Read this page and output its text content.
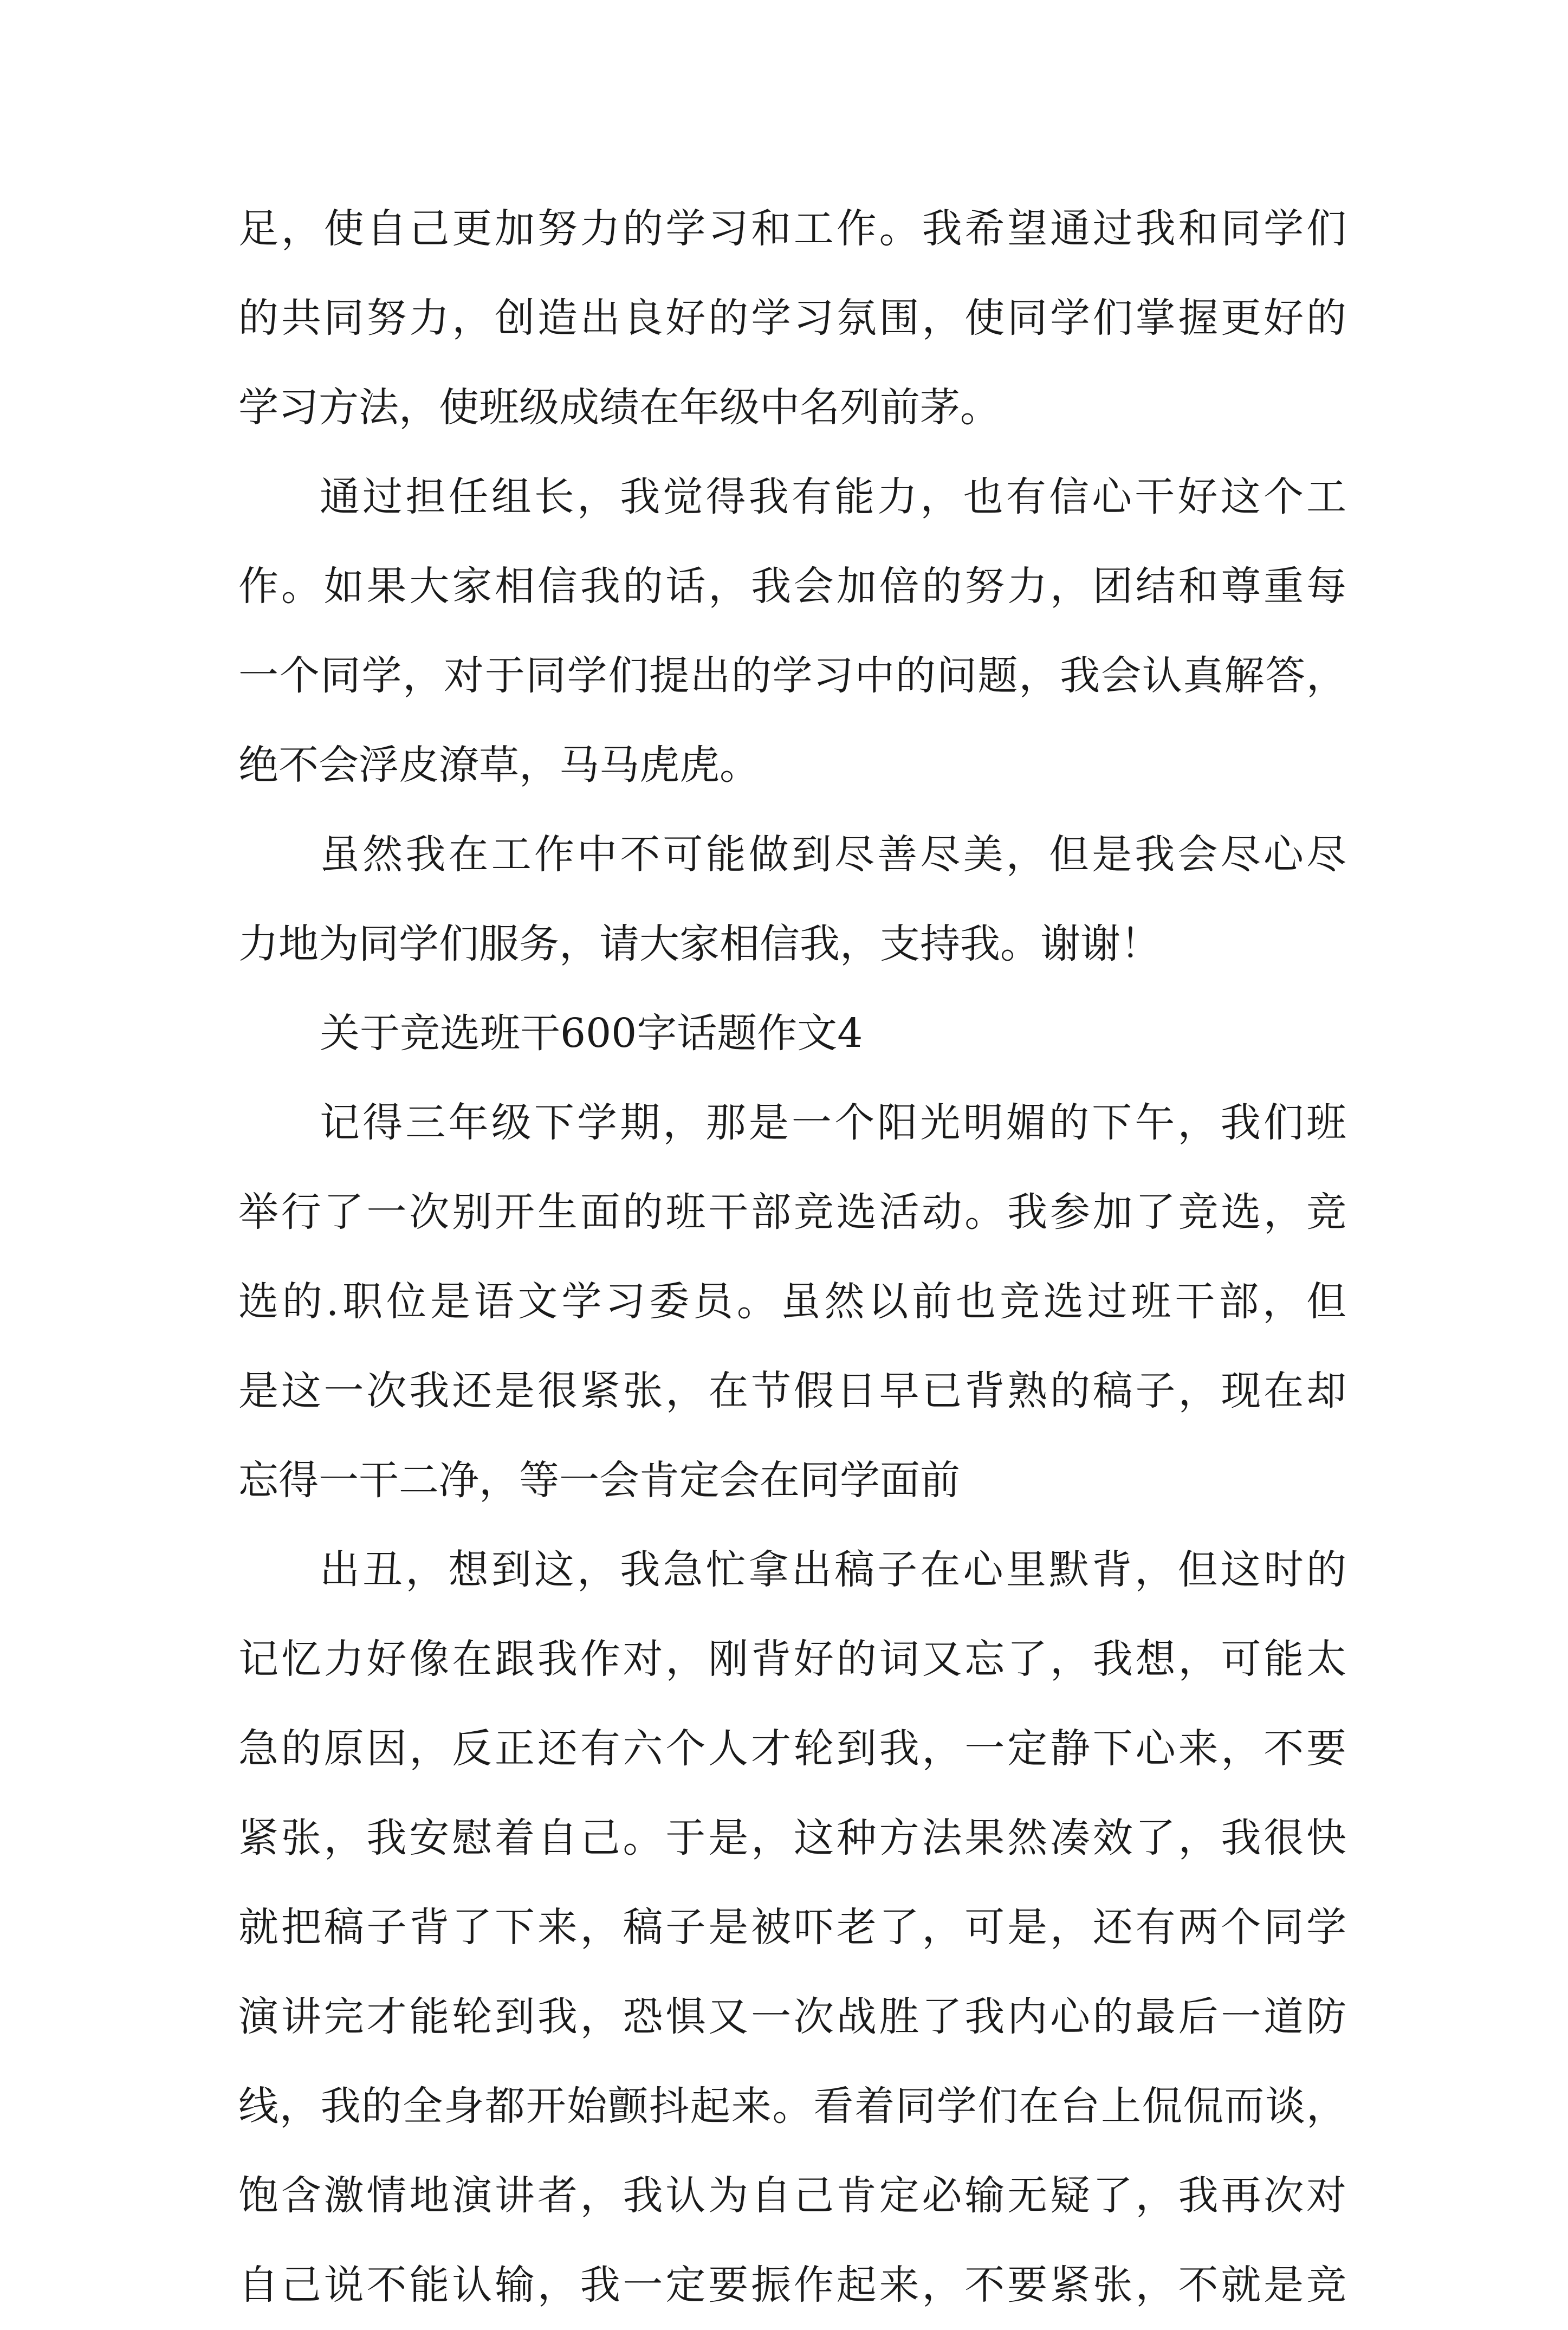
足，使自己更加努力的学习和工作。我希望通过我和同学们
的共同努力，创造出良好的学习氛围，使同学们掌握更好的
学习方法，使班级成绩在年级中名列前茅。
通过担任组长，我觉得我有能力，也有信心干好这个工
作。如果大家相信我的话，我会加倍的努力，团结和尊重每
一个同学，对于同学们提出的学习中的问题，我会认真解答，
绝不会浮皮潦草，马马虎虎。
虽然我在工作中不可能做到尽善尽美，但是我会尽心尽
力地为同学们服务，请大家相信我，支持我。谢谢！
关于竞选班干600字话题作文4
记得三年级下学期，那是一个阳光明媚的下午，我们班
举行了一次别开生面的班干部竞选活动。我参加了竞选，竞
选的.职位是语文学习委员。虽然以前也竞选过班干部，但
是这一次我还是很紧张，在节假日早已背熟的稿子，现在却
忘得一干二净，等一会肯定会在同学面前
出丑，想到这，我急忙拿出稿子在心里默背，但这时的
记忆力好像在跟我作对，刚背好的词又忘了，我想，可能太
急的原因，反正还有六个人才轮到我，一定静下心来，不要
紧张，我安慰着自己。于是，这种方法果然凑效了，我很快
就把稿子背了下来，稿子是被吓老了，可是，还有两个同学
演讲完才能轮到我，恐惧又一次战胜了我内心的最后一道防
线，我的全身都开始颤抖起来。看着同学们在台上侃侃而谈，
饱含激情地演讲者，我认为自己肯定必输无疑了，我再次对
自己说不能认输，我一定要振作起来，不要紧张，不就是竞
